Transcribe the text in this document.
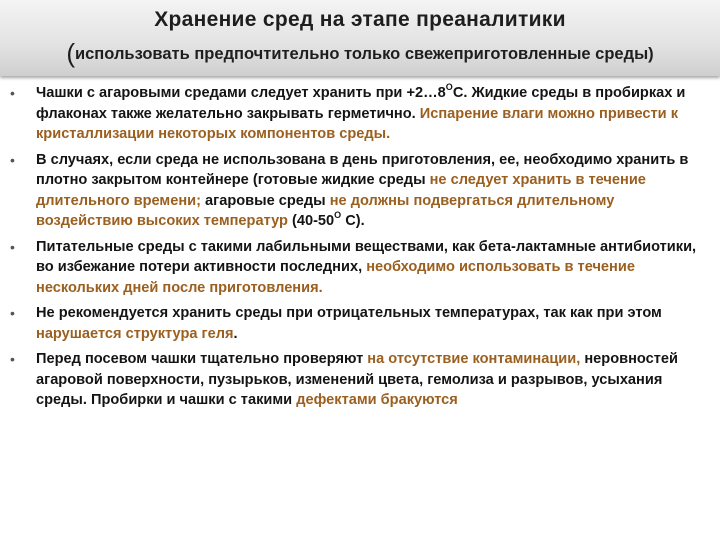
Хранение сред на этапе преаналитики
(использовать предпочтительно только свежеприготовленные среды)
• Чашки с агаровыми средами следует хранить при $+2\dots 8^OС$. Жидкие среды в пробирках и флаконах также желательно закрывать герметично. Испарение влаги можно привести к кристаллизации некоторых компонентов среды.
• В случаях, если среда не использована в день приготовления, ее, необходимо хранить в плотно закрытом контейнере (готовые жидкие среды не следует хранить в течение длительного времени; агаровые среды не должны подвергаться длительному воздействию высоких температур ($40-50^O$ С).
• Питательные среды с такими лабильными веществами, как бета-лактамные антибиотики, во избежание потери активности последних, необходимо использовать в течение нескольких дней после приготовления.
• Не рекомендуется хранить среды при отрицательных температурах, так как при этом нарушается структура геля.
• Перед посевом чашки тщательно проверяют на отсутствие контаминации, неровностей агаровой поверхности, пузырьков, изменений цвета, гемолиза и разрывов, усыхания среды. Пробирки и чашки с такими дефектами бракуются
